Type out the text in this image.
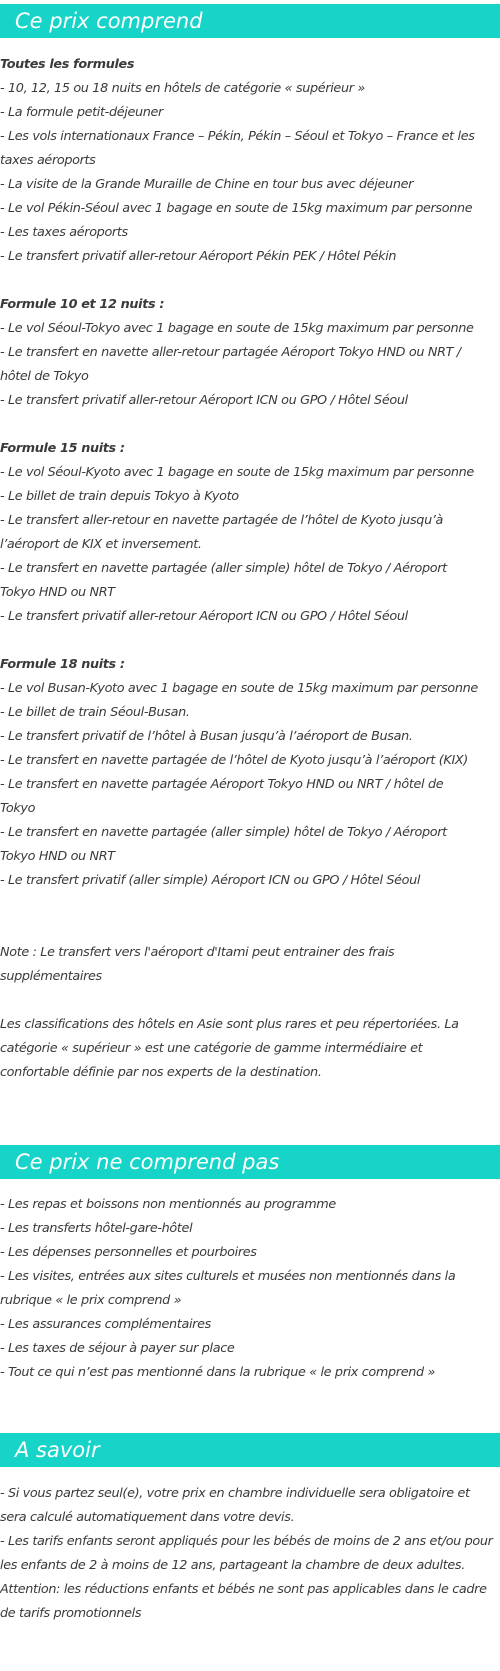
Ce prix comprend

Toutes les formules

- 10, 12, 15 ou 18 nuits en hôtels de catégorie « supérieur »

- La formule petit-déjeuner

- Les vols internationaux France – Pékin, Pékin – Séoul et Tokyo – France et les

taxes aéroports

- La visite de la Grande Muraille de Chine en tour bus avec déjeuner

- Le vol Pékin-Séoul avec 1 bagage en soute de 15kg maximum par personne

- Les taxes aéroports

- Le transfert privatif aller-retour Aéroport Pékin PEK / Hôtel Pékin

Formule 10 et 12 nuits :

- Le vol Séoul-Tokyo avec 1 bagage en soute de 15kg maximum par personne

- Le transfert en navette aller-retour partagée Aéroport Tokyo HND ou NRT /

hôtel de Tokyo

- Le transfert privatif aller-retour Aéroport ICN ou GPO / Hôtel Séoul

Formule 15 nuits :

- Le vol Séoul-Kyoto avec 1 bagage en soute de 15kg maximum par personne

- Le billet de train depuis Tokyo à Kyoto

- Le transfert aller-retour en navette partagée de l’hôtel de Kyoto jusqu’à

l’aéroport de KIX et inversement.

- Le transfert en navette partagée (aller simple) hôtel de Tokyo / Aéroport

Tokyo HND ou NRT

- Le transfert privatif aller-retour Aéroport ICN ou GPO / Hôtel Séoul

Formule 18 nuits :

- Le vol Busan-Kyoto avec 1 bagage en soute de 15kg maximum par personne

- Le billet de train Séoul-Busan.

- Le transfert privatif de l’hôtel à Busan jusqu’à l’aéroport de Busan.

- Le transfert en navette partagée de l’hôtel de Kyoto jusqu’à l’aéroport (KIX)

- Le transfert en navette partagée Aéroport Tokyo HND ou NRT / hôtel de

Tokyo

- Le transfert en navette partagée (aller simple) hôtel de Tokyo / Aéroport

Tokyo HND ou NRT

- Le transfert privatif (aller simple) Aéroport ICN ou GPO / Hôtel Séoul

Note : Le transfert vers l'aéroport d'Itami peut entrainer des frais

supplémentaires

Les classifications des hôtels en Asie sont plus rares et peu répertoriées. La

catégorie « supérieur » est une catégorie de gamme intermédiaire et

confortable définie par nos experts de la destination.

Ce prix ne comprend pas

- Les repas et boissons non mentionnés au programme

- Les transferts hôtel-gare-hôtel

- Les dépenses personnelles et pourboires

- Les visites, entrées aux sites culturels et musées non mentionnés dans la

rubrique « le prix comprend »

- Les assurances complémentaires

- Les taxes de séjour à payer sur place

- Tout ce qui n’est pas mentionné dans la rubrique « le prix comprend »

A savoir

- Si vous partez seul(e), votre prix en chambre individuelle sera obligatoire et

sera calculé automatiquement dans votre devis.

- Les tarifs enfants seront appliqués pour les bébés de moins de 2 ans et/ou pour

les enfants de 2 à moins de 12 ans, partageant la chambre de deux adultes.

Attention: les réductions enfants et bébés ne sont pas applicables dans le cadre

de tarifs promotionnels
